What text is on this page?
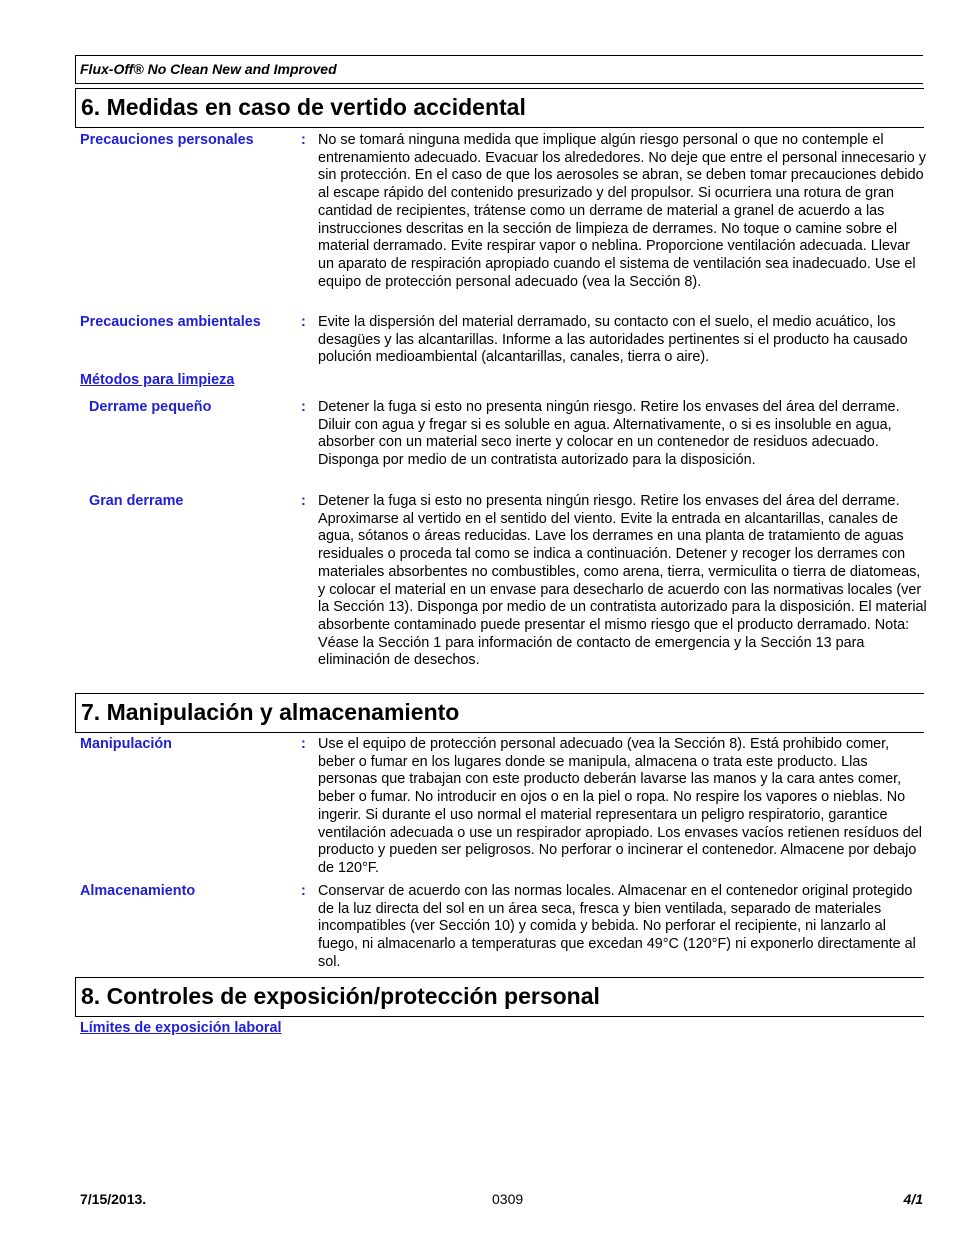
Flux-Off® No Clean New and Improved
6. Medidas en caso de vertido accidental
Precauciones personales	: No se tomará ninguna medida que implique algún riesgo personal o que no contemple el entrenamiento adecuado. Evacuar los alrededores. No deje que entre el personal innecesario y sin protección. En el caso de que los aerosoles se abran, se deben tomar precauciones debido al escape rápido del contenido presurizado y del propulsor. Si ocurriera una rotura de gran cantidad de recipientes, trátense como un derrame de material a granel de acuerdo a las instrucciones descritas en la sección de limpieza de derrames. No toque o camine sobre el material derramado. Evite respirar vapor o neblina. Proporcione ventilación adecuada. Llevar un aparato de respiración apropiado cuando el sistema de ventilación sea inadecuado. Use el equipo de protección personal adecuado (vea la Sección 8).
Precauciones ambientales	: Evite la dispersión del material derramado, su contacto con el suelo, el medio acuático, los desagües y las alcantarillas. Informe a las autoridades pertinentes si el producto ha causado polución medioambiental (alcantarillas, canales, tierra o aire).
Métodos para limpieza
Derrame pequeño	: Detener la fuga si esto no presenta ningún riesgo. Retire los envases del área del derrame. Diluir con agua y fregar si es soluble en agua. Alternativamente, o si es insoluble en agua, absorber con un material seco inerte y colocar en un contenedor de residuos adecuado. Disponga por medio de un contratista autorizado para la disposición.
Gran derrame	: Detener la fuga si esto no presenta ningún riesgo. Retire los envases del área del derrame. Aproximarse al vertido en el sentido del viento. Evite la entrada en alcantarillas, canales de agua, sótanos o áreas reducidas. Lave los derrames en una planta de tratamiento de aguas residuales o proceda tal como se indica a continuación. Detener y recoger los derrames con materiales absorbentes no combustibles, como arena, tierra, vermiculita o tierra de diatomeas, y colocar el material en un envase para desecharlo de acuerdo con las normativas locales (ver la Sección 13). Disponga por medio de un contratista autorizado para la disposición. El material absorbente contaminado puede presentar el mismo riesgo que el producto derramado. Nota: Véase la Sección 1 para información de contacto de emergencia y la Sección 13 para eliminación de desechos.
7. Manipulación y almacenamiento
Manipulación	: Use el equipo de protección personal adecuado (vea la Sección 8). Está prohibido comer, beber o fumar en los lugares donde se manipula, almacena o trata este producto. Llas personas que trabajan con este producto deberán lavarse las manos y la cara antes comer, beber o fumar. No introducir en ojos o en la piel o ropa. No respire los vapores o nieblas. No ingerir. Si durante el uso normal el material representara un peligro respiratorio, garantice ventilación adecuada o use un respirador apropiado. Los envases vacíos retienen resíduos del producto y pueden ser peligrosos. No perforar o incinerar el contenedor. Almacene por debajo de 120°F.
Almacenamiento	: Conservar de acuerdo con las normas locales. Almacenar en el contenedor original protegido de la luz directa del sol en un área seca, fresca y bien ventilada, separado de materiales incompatibles (ver Sección 10) y comida y bebida. No perforar el recipiente, ni lanzarlo al fuego, ni almacenarlo a temperaturas que excedan 49°C (120°F) ni exponerlo directamente al sol.
8. Controles de exposición/protección personal
Límites de exposición laboral
7/15/2013.	0309	4/1
